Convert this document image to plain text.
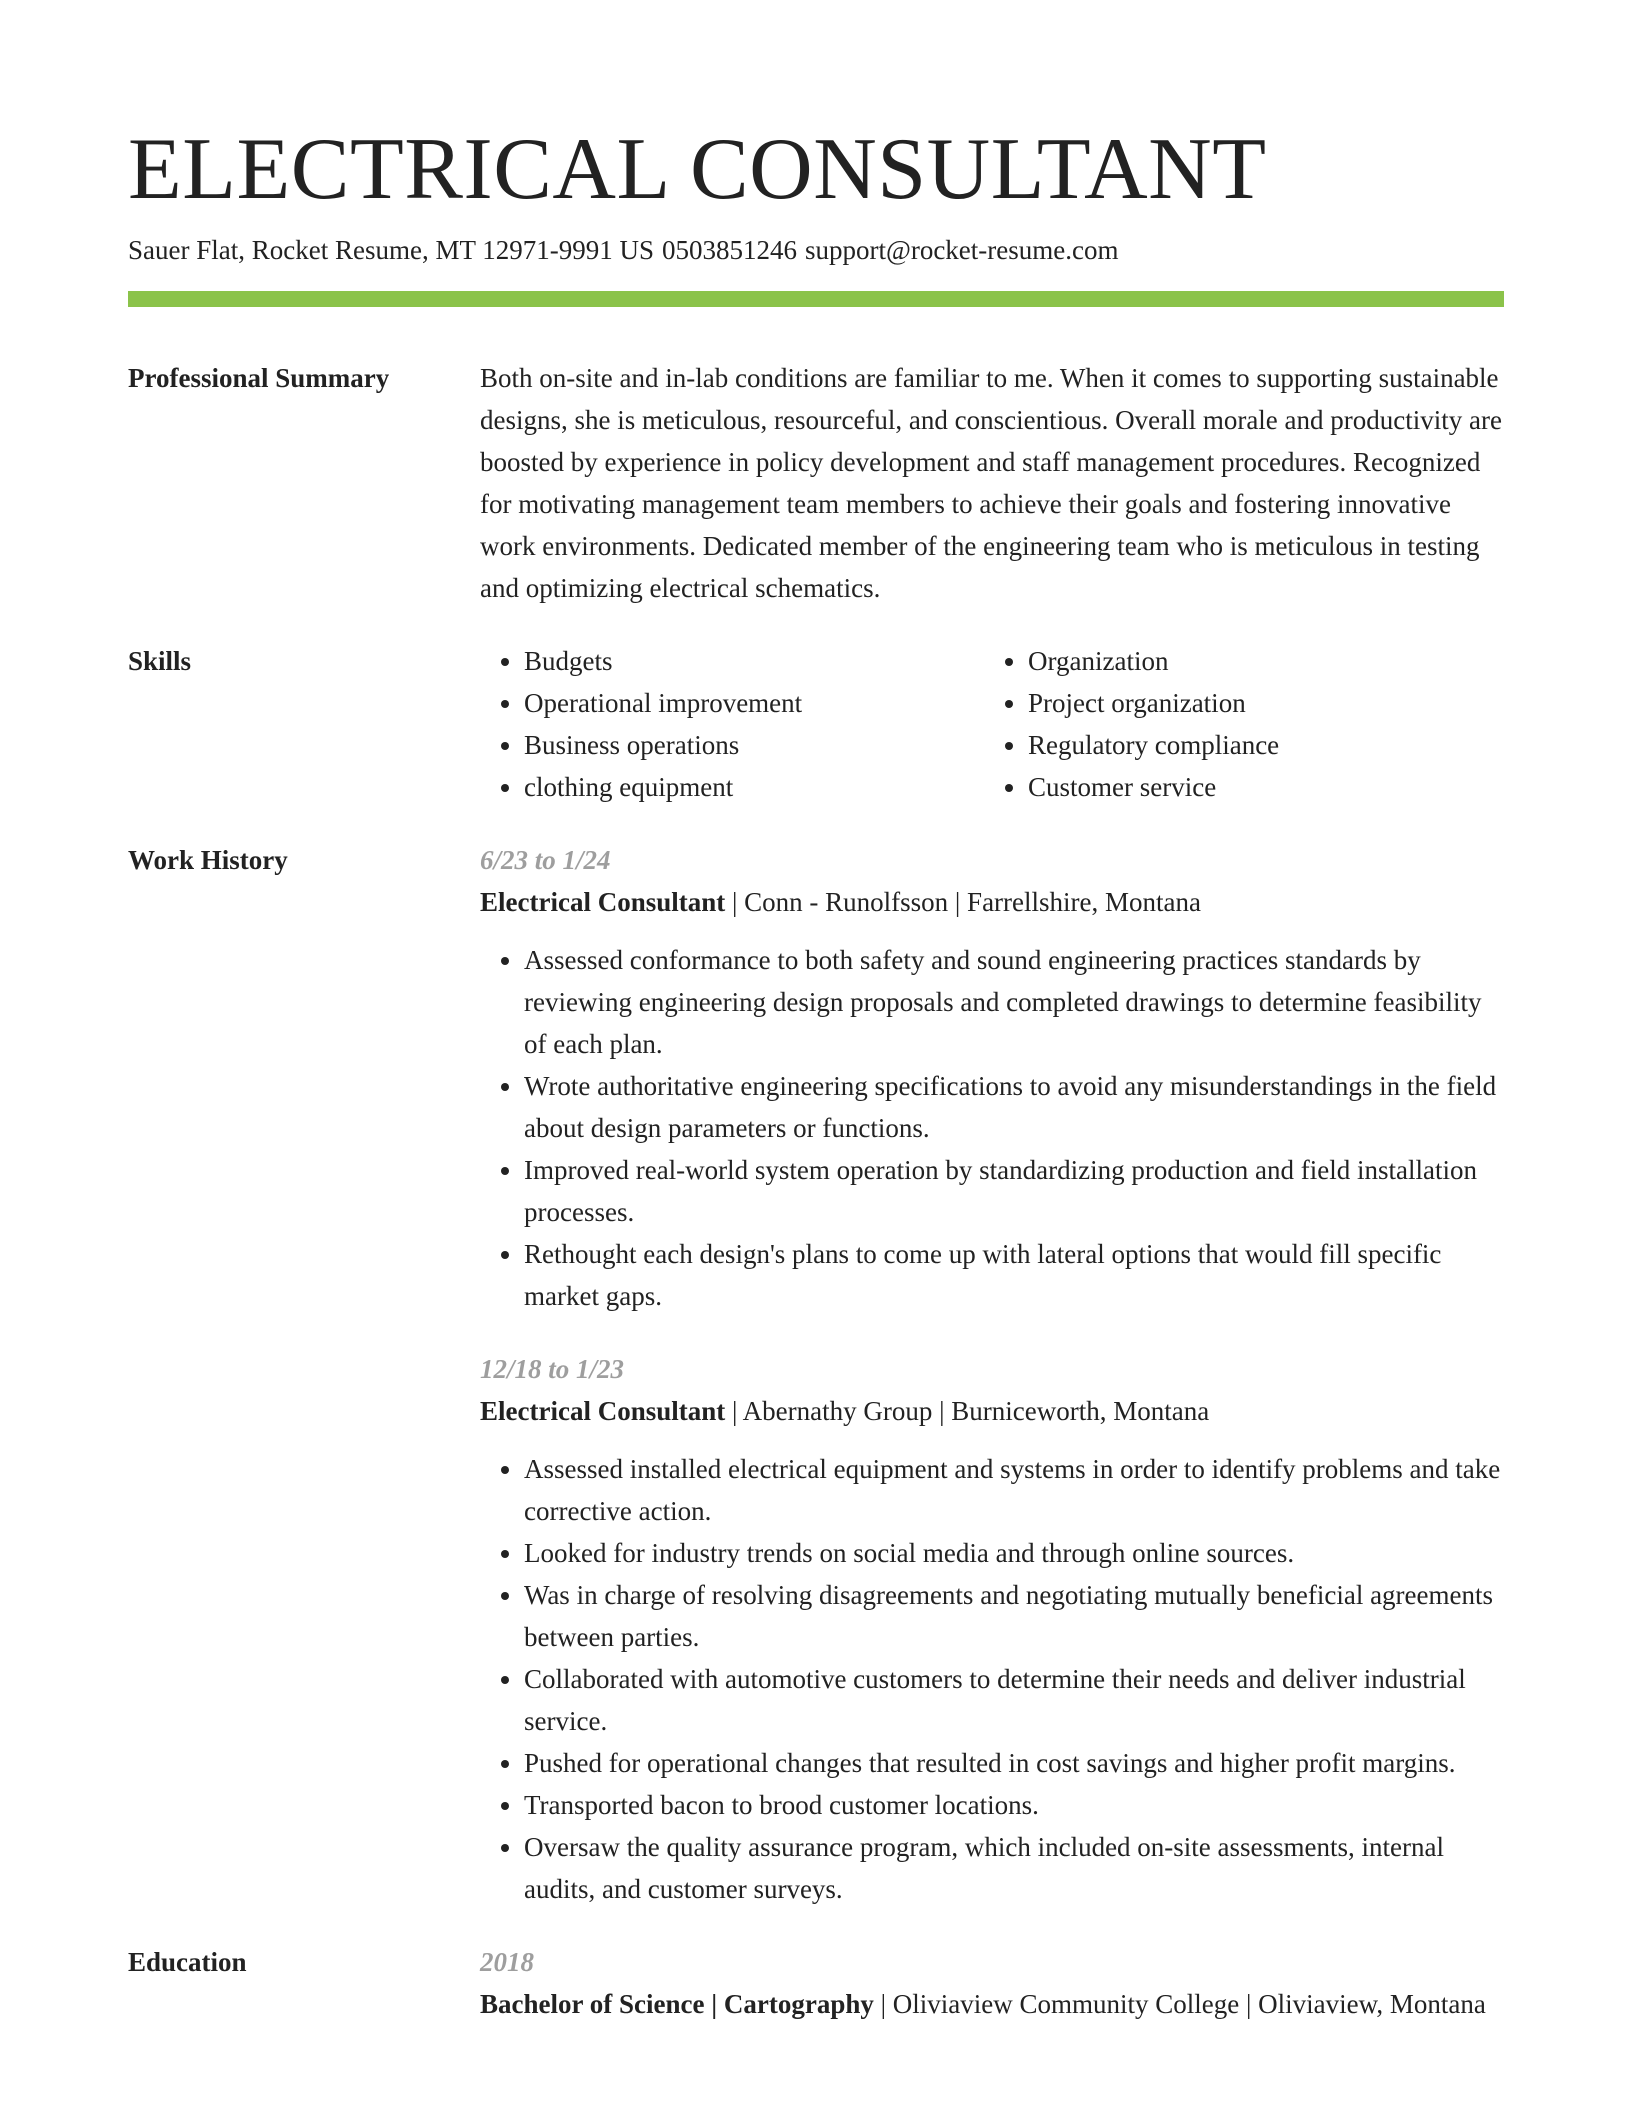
ELECTRICAL CONSULTANT
Sauer Flat, Rocket Resume, MT 12971-9991 US 0503851246 support@rocket-resume.com
Professional Summary	Both on-site and in-lab conditions are familiar to me. When it comes to supporting sustainable designs, she is meticulous, resourceful, and conscientious. Overall morale and productivity are boosted by experience in policy development and staff management procedures. Recognized for motivating management team members to achieve their goals and fostering innovative work environments. Dedicated member of the engineering team who is meticulous in testing and optimizing electrical schematics.
Skills
•	Budgets
• Operational improvement
• Business operations
• clothing equipment
• Organization
• Project organization
• Regulatory compliance
• Customer service
Work History	6/23 to 1/24
Electrical Consultant | Conn - Runolfsson | Farrellshire, Montana
• Assessed conformance to both safety and sound engineering practices standards by reviewing engineering design proposals and completed drawings to determine feasibility of each plan.
• Wrote authoritative engineering specifications to avoid any misunderstandings in the field about design parameters or functions.
• Improved real-world system operation by standardizing production and field installation processes.
• Rethought each design's plans to come up with lateral options that would fill specific market gaps.
12/18 to 1/23
Electrical Consultant | Abernathy Group | Burniceworth, Montana
• Assessed installed electrical equipment and systems in order to identify problems and take corrective action.
• Looked for industry trends on social media and through online sources.
• Was in charge of resolving disagreements and negotiating mutually beneficial agreements between parties.
• Collaborated with automotive customers to determine their needs and deliver industrial service.
• Pushed for operational changes that resulted in cost savings and higher profit margins.
• Transported bacon to brood customer locations.
• Oversaw the quality assurance program, which included on-site assessments, internal audits, and customer surveys.
Education	2018
Bachelor of Science | Cartography | Oliviaview Community College | Oliviaview, Montana
